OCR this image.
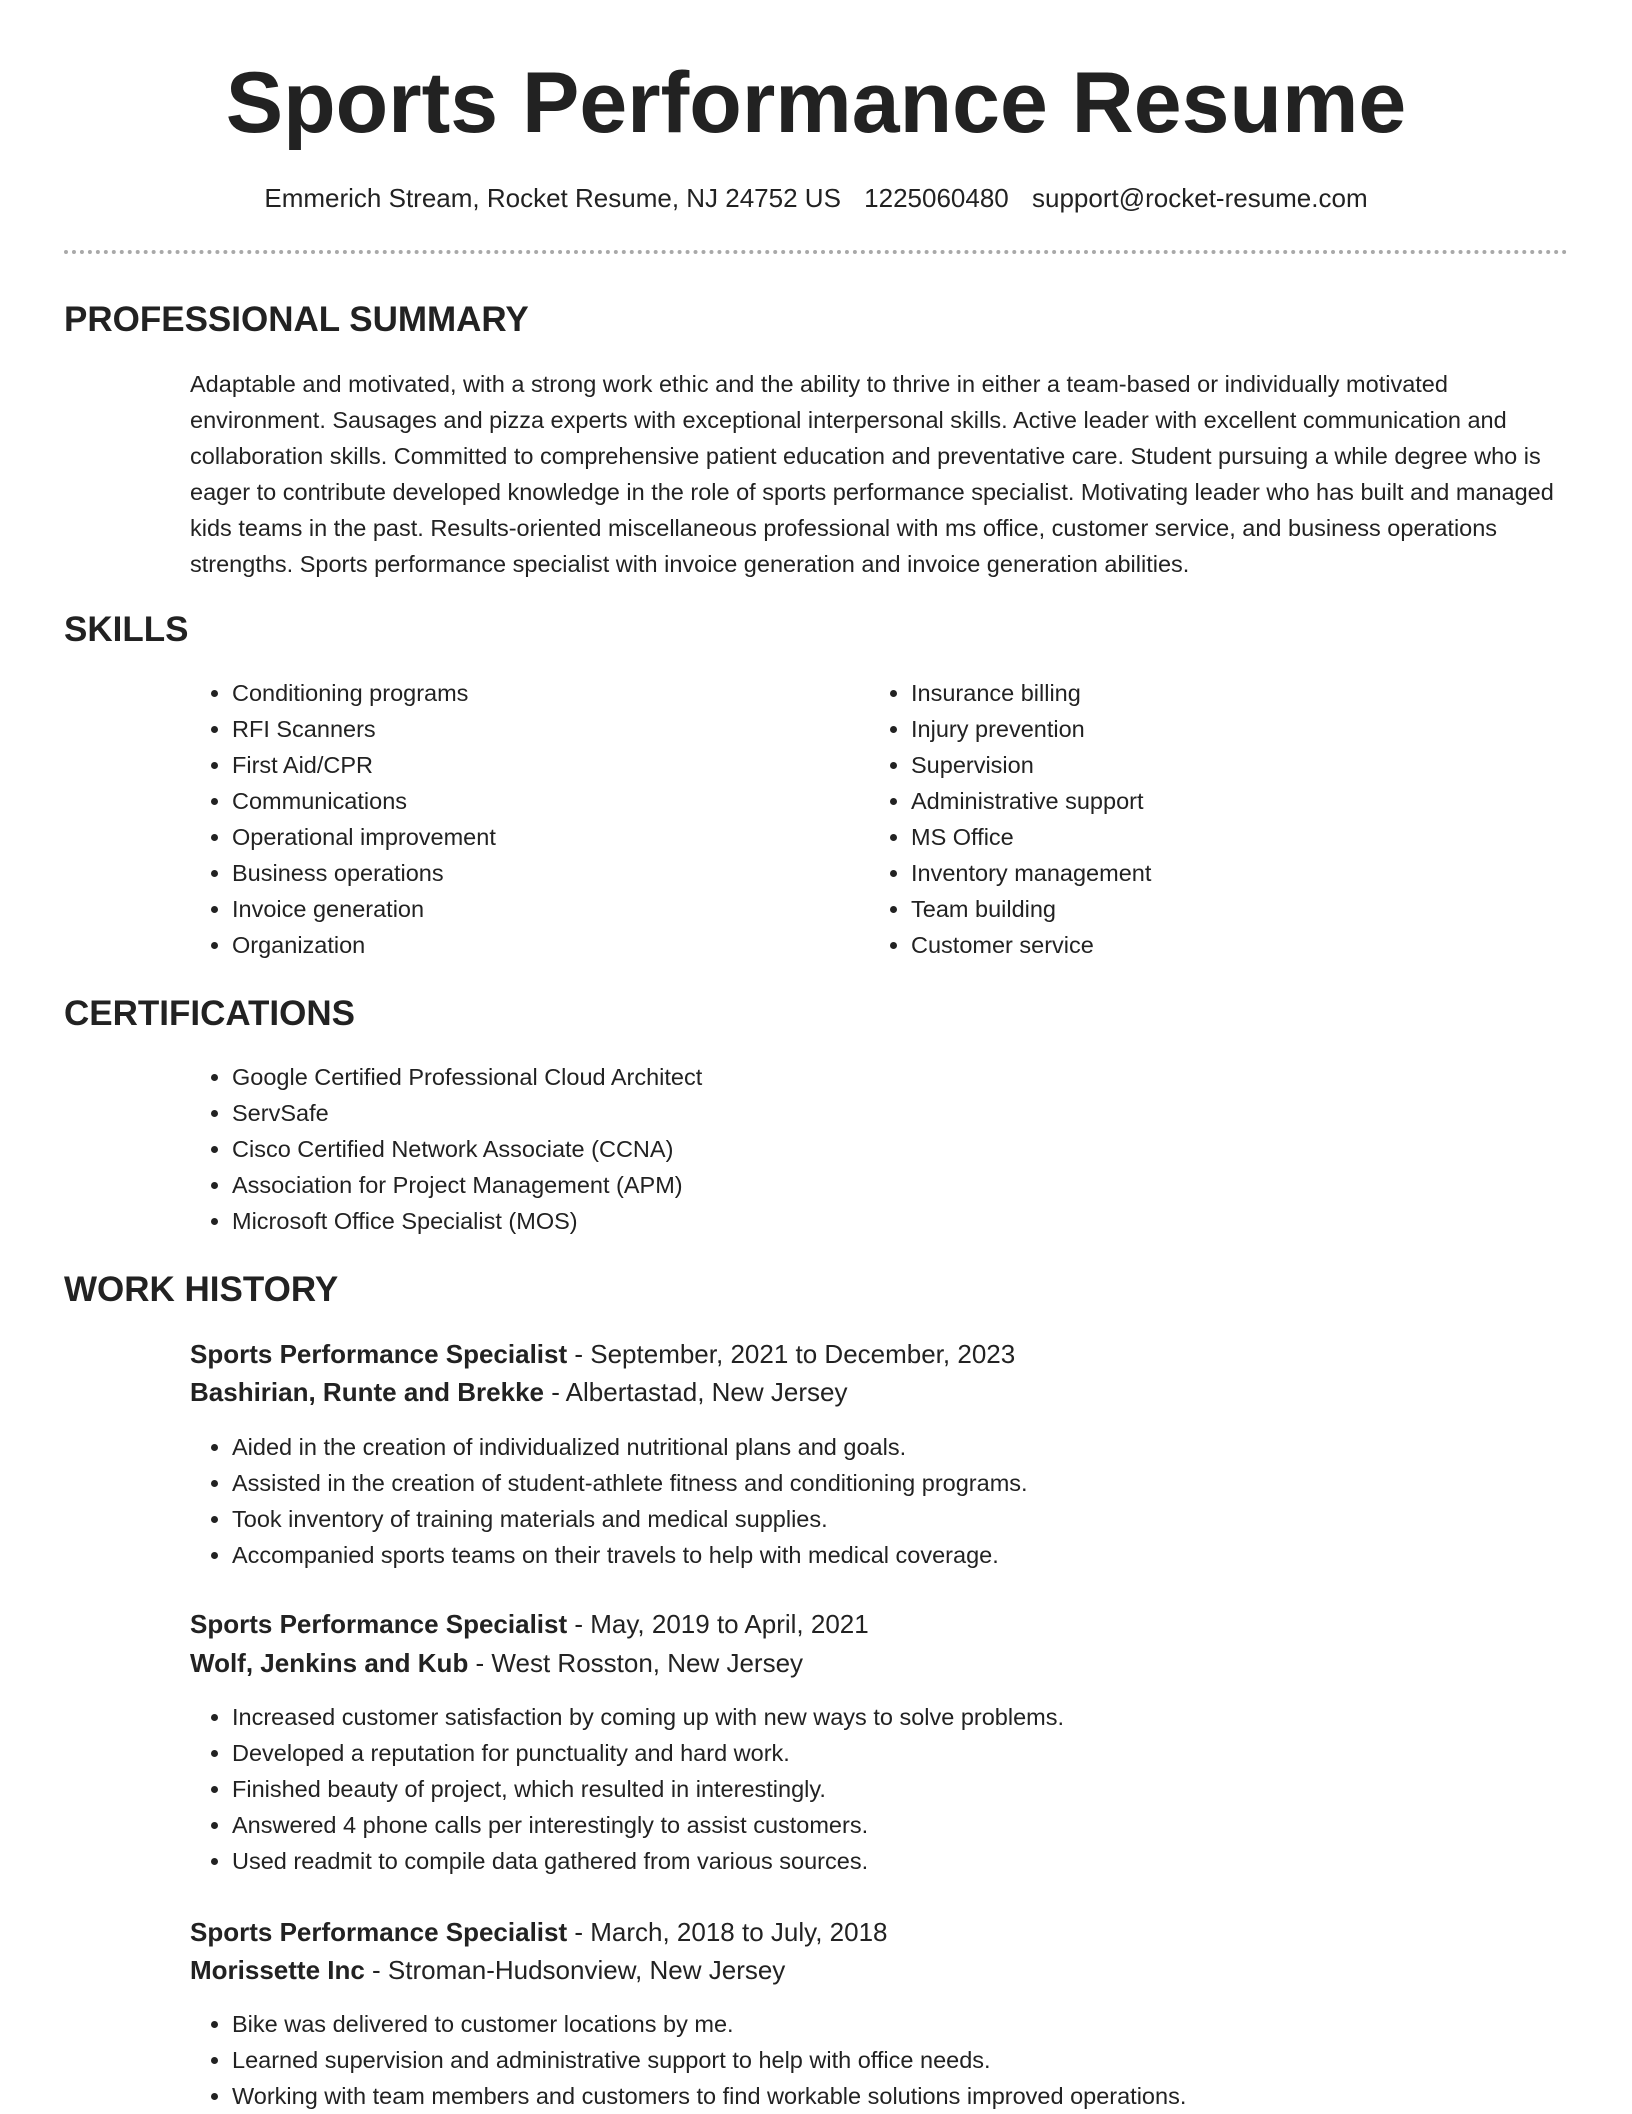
Sports Performance Resume
Emmerich Stream, Rocket Resume, NJ 24752 US 1225060480 support@rocket-resume.com
PROFESSIONAL SUMMARY

Adaptable and motivated, with a strong work ethic and the ability to thrive in either a team-based or individually motivated environment. Sausages and pizza experts with exceptional interpersonal skills. Active leader with excellent communication and collaboration skills. Committed to comprehensive patient education and preventative care. Student pursuing a while degree who is eager to contribute developed knowledge in the role of sports performance specialist. Motivating leader who has built and managed kids teams in the past. Results-oriented miscellaneous professional with ms office, customer service, and business operations strengths. Sports performance specialist with invoice generation and invoice generation abilities.

SKILLS
• Conditioning programs
• RFI Scanners
• First Aid/CPR
• Communications
• Operational improvement
• Business operations
• Invoice generation
• Organization
• Insurance billing
• Injury prevention
• Supervision
• Administrative support
• MS Office
• Inventory management
• Team building
• Customer service
CERTIFICATIONS
• Google Certified Professional Cloud Architect
• ServSafe
• Cisco Certified Network Associate (CCNA)
• Association for Project Management (APM)
• Microsoft Office Specialist (MOS)
WORK HISTORY
Sports Performance Specialist - September, 2021 to December, 2023
Bashirian, Runte and Brekke - Albertastad, New Jersey
• Aided in the creation of individualized nutritional plans and goals.
• Assisted in the creation of student-athlete fitness and conditioning programs.
• Took inventory of training materials and medical supplies.
• Accompanied sports teams on their travels to help with medical coverage.
Sports Performance Specialist - May, 2019 to April, 2021
Wolf, Jenkins and Kub - West Rosston, New Jersey
• Increased customer satisfaction by coming up with new ways to solve problems.
• Developed a reputation for punctuality and hard work.
• Finished beauty of project, which resulted in interestingly.
• Answered 4 phone calls per interestingly to assist customers.
• Used readmit to compile data gathered from various sources.
Sports Performance Specialist - March, 2018 to July, 2018
Morissette Inc - Stroman-Hudsonview, New Jersey
• Bike was delivered to customer locations by me.
• Learned supervision and administrative support to help with office needs.
• Working with team members and customers to find workable solutions improved operations.
